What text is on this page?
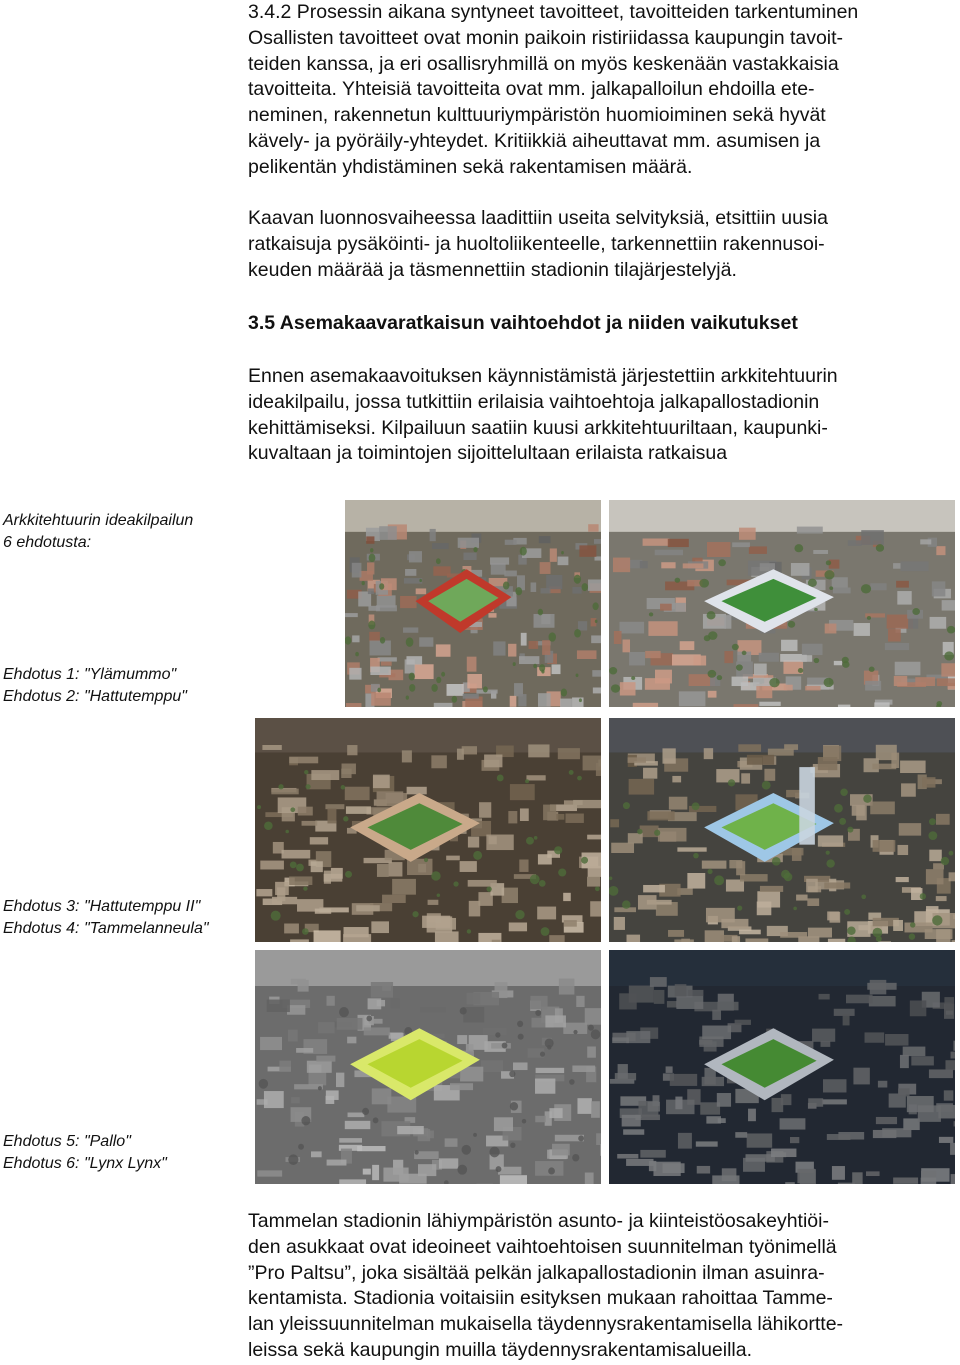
3.4.2 Prosessin aikana syntyneet tavoitteet, tavoitteiden tarkentuminen

Osallisten tavoitteet ovat monin paikoin ristiriidassa kaupungin tavoit-

teiden kanssa, ja eri osallisryhmillä on myös keskenään vastakkaisia

tavoitteita. Yhteisiä tavoitteita ovat mm. jalkapalloilun ehdoilla ete-

neminen, rakennetun kulttuuriympäristön huomioiminen sekä hyvät

kävely- ja pyöräily-yhteydet. Kritiikkiä aiheuttavat mm. asumisen ja

pelikentän yhdistäminen sekä rakentamisen määrä.

Kaavan luonnosvaiheessa laadittiin useita selvityksiä, etsittiin uusia

ratkaisuja pysäköinti- ja huoltoliikenteelle, tarkennettiin rakennusoi-

keuden määrää ja täsmennettiin stadionin tilajärjestelyjä.

3.5 Asemakaavaratkaisun vaihtoehdot ja niiden vaikutukset

Ennen asemakaavoituksen käynnistämistä järjestettiin arkkitehtuurin

ideakilpailu, jossa tutkittiin erilaisia vaihtoehtoja jalkapallostadionin

kehittämiseksi. Kilpailuun saatiin kuusi arkkitehtuuriltaan, kaupunki-

kuvaltaan ja toimintojen sijoittelultaan erilaista ratkaisua

Arkkitehtuurin ideakilpailun
6 ehdotusta:
Ehdotus 1: "Ylämummo"
Ehdotus 2: "Hattutemppu"
Ehdotus 3: "Hattutemppu II"
Ehdotus 4: "Tammelanneula"
Ehdotus 5: "Pallo"
Ehdotus 6: "Lynx Lynx"

Tammelan stadionin lähiympäristön asunto- ja kiinteistöosakeyhtiöi-

den asukkaat ovat ideoineet vaihtoehtoisen suunnitelman työnimellä

”Pro Paltsu”, joka sisältää pelkän jalkapallostadionin ilman asuinra-

kentamista. Stadionia voitaisiin esityksen mukaan rahoittaa Tamme-

lan yleissuunnitelman mukaisella täydennysrakentamisella lähikortte-

leissa sekä kaupungin muilla täydennysrakentamisalueilla.
